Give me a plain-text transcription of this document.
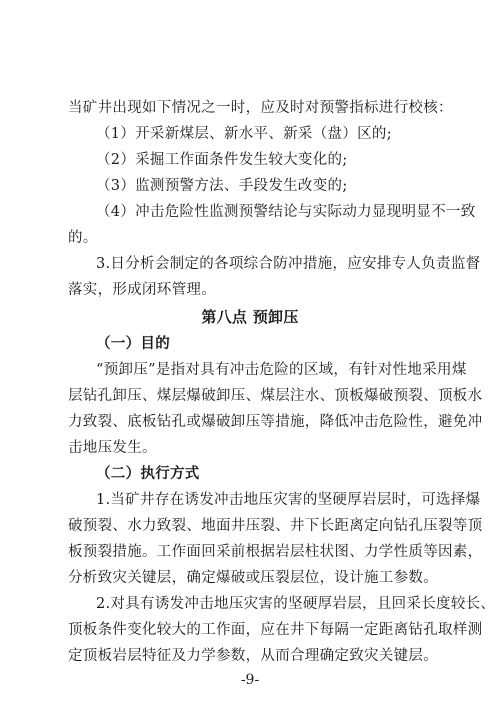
当矿井出现如下情况之一时，应及时对预警指标进行校核：
（1）开采新煤层、新水平、新采（盘）区的;
（2）采掘工作面条件发生较大变化的;
（3）监测预警方法、手段发生改变的;
（4）冲击危险性监测预警结论与实际动力显现明显不一致
的。
3.日分析会制定的各项综合防冲措施，应安排专人负责监督
落实，形成闭环管理。
第八点 预卸压
（一）目的
“预卸压”是指对具有冲击危险的区域，有针对性地采用煤
层钻孔卸压、煤层爆破卸压、煤层注水、顶板爆破预裂、顶板水
力致裂、底板钻孔或爆破卸压等措施，降低冲击危险性，避免冲
击地压发生。
（二）执行方式
1.当矿井存在诱发冲击地压灾害的坚硬厚岩层时，可选择爆
破预裂、水力致裂、地面井压裂、井下长距离定向钻孔压裂等顶
板预裂措施。工作面回采前根据岩层柱状图、力学性质等因素，
分析致灾关键层，确定爆破或压裂层位，设计施工参数。
2.对具有诱发冲击地压灾害的坚硬厚岩层，且回采长度较长、
顶板条件变化较大的工作面，应在井下每隔一定距离钻孔取样测
定顶板岩层特征及力学参数，从而合理确定致灾关键层。
-9-
